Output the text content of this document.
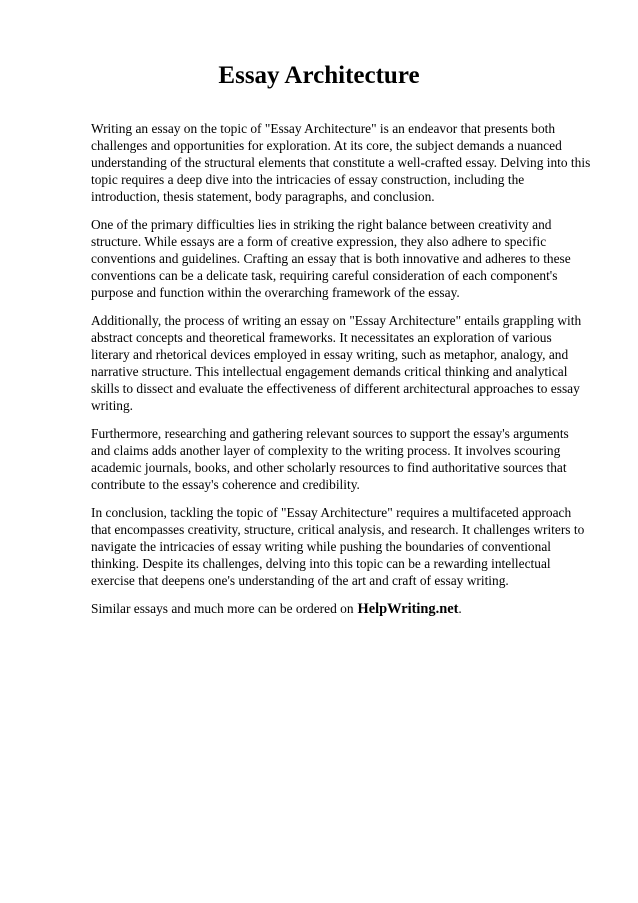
Essay Architecture

Writing an essay on the topic of "Essay Architecture" is an endeavor that presents both challenges and opportunities for exploration. At its core, the subject demands a nuanced understanding of the structural elements that constitute a well-crafted essay. Delving into this topic requires a deep dive into the intricacies of essay construction, including the introduction, thesis statement, body paragraphs, and conclusion.

One of the primary difficulties lies in striking the right balance between creativity and structure. While essays are a form of creative expression, they also adhere to specific conventions and guidelines. Crafting an essay that is both innovative and adheres to these conventions can be a delicate task, requiring careful consideration of each component's purpose and function within the overarching framework of the essay.

Additionally, the process of writing an essay on "Essay Architecture" entails grappling with abstract concepts and theoretical frameworks. It necessitates an exploration of various literary and rhetorical devices employed in essay writing, such as metaphor, analogy, and narrative structure. This intellectual engagement demands critical thinking and analytical skills to dissect and evaluate the effectiveness of different architectural approaches to essay writing.

Furthermore, researching and gathering relevant sources to support the essay's arguments and claims adds another layer of complexity to the writing process. It involves scouring academic journals, books, and other scholarly resources to find authoritative sources that contribute to the essay's coherence and credibility.

In conclusion, tackling the topic of "Essay Architecture" requires a multifaceted approach that encompasses creativity, structure, critical analysis, and research. It challenges writers to navigate the intricacies of essay writing while pushing the boundaries of conventional thinking. Despite its challenges, delving into this topic can be a rewarding intellectual exercise that deepens one's understanding of the art and craft of essay writing.

Similar essays and much more can be ordered on HelpWriting.net.
